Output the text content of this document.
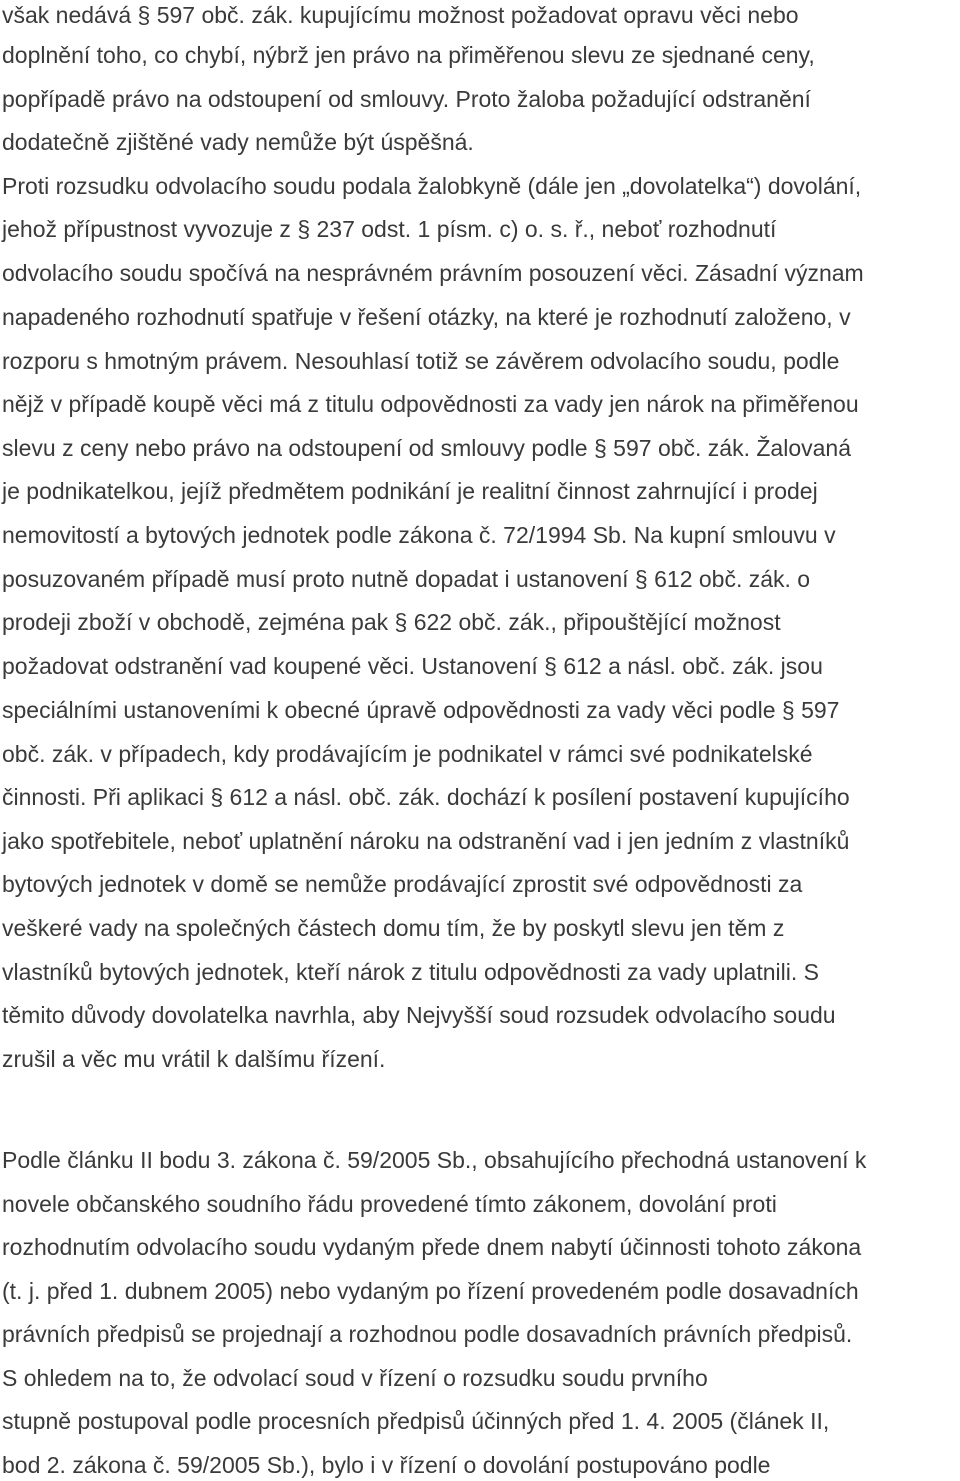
však nedává § 597 obč. zák. kupujícímu možnost požadovat opravu věci nebo
doplnění toho, co chybí, nýbrž jen právo na přiměřenou slevu ze sjednané ceny,
popřípadě právo na odstoupení od smlouvy. Proto žaloba požadující odstranění
dodatečně zjištěné vady nemůže být úspěšná.
Proti rozsudku odvolacího soudu podala žalobkyně (dále jen „dovolatelka“) dovolání,
jehož přípustnost vyvozuje z § 237 odst. 1 písm. c) o. s. ř., neboť rozhodnutí
odvolacího soudu spočívá na nesprávném právním posouzení věci. Zásadní význam
napadeného rozhodnutí spatřuje v řešení otázky, na které je rozhodnutí založeno, v
rozporu s hmotným právem. Nesouhlasí totiž se závěrem odvolacího soudu, podle
nějž v případě koupě věci má z titulu odpovědnosti za vady jen nárok na přiměřenou
slevu z ceny nebo právo na odstoupení od smlouvy podle § 597 obč. zák. Žalovaná
je podnikatelkou, jejíž předmětem podnikání je realitní činnost zahrnující i prodej
nemovitostí a bytových jednotek podle zákona č. 72/1994 Sb. Na kupní smlouvu v
posuzovaném případě musí proto nutně dopadat i ustanovení § 612 obč. zák. o
prodeji zboží v obchodě, zejména pak § 622 obč. zák., připouštějící možnost
požadovat odstranění vad koupené věci. Ustanovení § 612 a násl. obč. zák. jsou
speciálními ustanoveními k obecné úpravě odpovědnosti za vady věci podle § 597
obč. zák. v případech, kdy prodávajícím je podnikatel v rámci své podnikatelské
činnosti. Při aplikaci § 612 a násl. obč. zák. dochází k posílení postavení kupujícího
jako spotřebitele, neboť uplatnění nároku na odstranění vad i jen jedním z vlastníků
bytových jednotek v domě se nemůže prodávající zprostit své odpovědnosti za
veškeré vady na společných částech domu tím, že by poskytl slevu jen těm z
vlastníků bytových jednotek, kteří nárok z titulu odpovědnosti za vady uplatnili. S
těmito důvody dovolatelka navrhla, aby Nejvyšší soud rozsudek odvolacího soudu
zrušil a věc mu vrátil k dalšímu řízení.
Podle článku II bodu 3. zákona č. 59/2005 Sb., obsahujícího přechodná ustanovení k
novele občanského soudního řádu provedené tímto zákonem, dovolání proti
rozhodnutím odvolacího soudu vydaným přede dnem nabytí účinnosti tohoto zákona
(t. j. před 1. dubnem 2005) nebo vydaným po řízení provedeném podle dosavadních
právních předpisů se projednají a rozhodnou podle dosavadních právních předpisů.
S ohledem na to, že odvolací soud v řízení o rozsudku soudu prvního
stupně postupoval podle procesních předpisů účinných před 1. 4. 2005 (článek II,
bod 2. zákona č. 59/2005 Sb.), bylo i v řízení o dovolání postupováno podle
